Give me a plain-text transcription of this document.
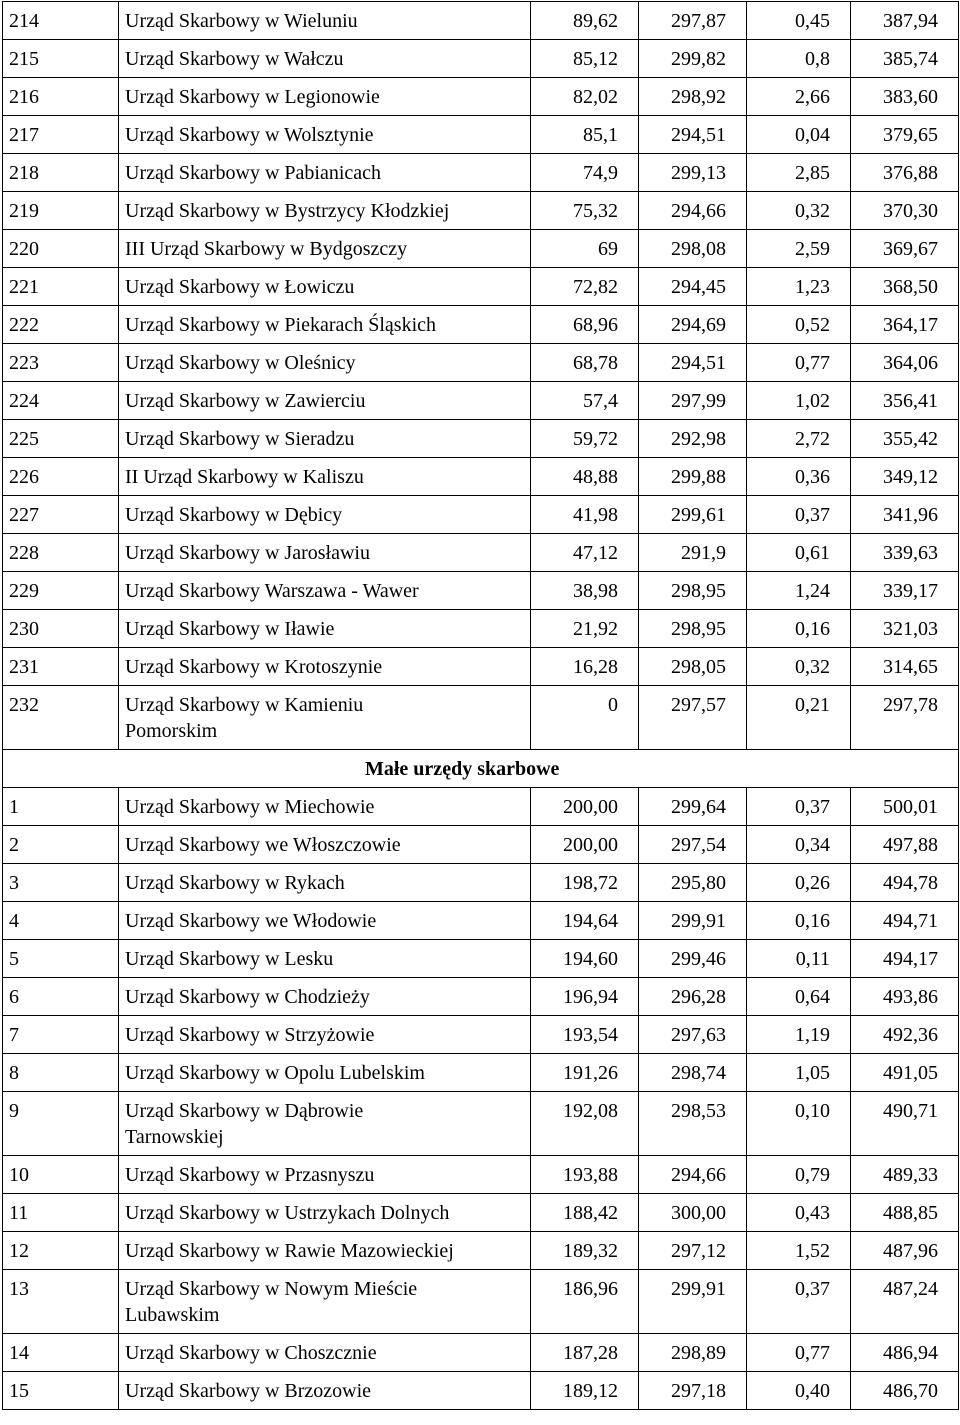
214	Urząd Skarbowy w Wieluniu	89,62	297,87	0,45	387,94
215	Urząd Skarbowy w Wałczu	85,12	299,82	0,8	385,74
216	Urząd Skarbowy w Legionowie	82,02	298,92	2,66	383,60
217	Urząd Skarbowy w Wolsztynie	85,1	294,51	0,04	379,65
218	Urząd Skarbowy w Pabianicach	74,9	299,13	2,85	376,88
219	Urząd Skarbowy w Bystrzycy Kłodzkiej	75,32	294,66	0,32	370,30
220	III Urząd Skarbowy w Bydgoszczy	69	298,08	2,59	369,67
221	Urząd Skarbowy w Łowiczu	72,82	294,45	1,23	368,50
222	Urząd Skarbowy w Piekarach Śląskich	68,96	294,69	0,52	364,17
223	Urząd Skarbowy w Oleśnicy	68,78	294,51	0,77	364,06
224	Urząd Skarbowy w Zawierciu	57,4	297,99	1,02	356,41
225	Urząd Skarbowy w Sieradzu	59,72	292,98	2,72	355,42
226	II Urząd Skarbowy w Kaliszu	48,88	299,88	0,36	349,12
227	Urząd Skarbowy w Dębicy	41,98	299,61	0,37	341,96
228	Urząd Skarbowy w Jarosławiu	47,12	291,9	0,61	339,63
229	Urząd Skarbowy Warszawa - Wawer	38,98	298,95	1,24	339,17
230	Urząd Skarbowy w Iławie	21,92	298,95	0,16	321,03
231	Urząd Skarbowy w Krotoszynie	16,28	298,05	0,32	314,65
232	Urząd Skarbowy w Kamieniu Pomorskim	0	297,57	0,21	297,78
Małe urzędy skarbowe					
1	Urząd Skarbowy w Miechowie	200,00	299,64	0,37	500,01
2	Urząd Skarbowy we Włoszczowie	200,00	297,54	0,34	497,88
3	Urząd Skarbowy w Rykach	198,72	295,80	0,26	494,78
4	Urząd Skarbowy we Włodowie	194,64	299,91	0,16	494,71
5	Urząd Skarbowy w Lesku	194,60	299,46	0,11	494,17
6	Urząd Skarbowy w Chodzieży	196,94	296,28	0,64	493,86
7	Urząd Skarbowy w Strzyżowie	193,54	297,63	1,19	492,36
8	Urząd Skarbowy w Opolu Lubelskim	191,26	298,74	1,05	491,05
9	Urząd Skarbowy w Dąbrowie Tarnowskiej	192,08	298,53	0,10	490,71
10	Urząd Skarbowy w Przasnyszu	193,88	294,66	0,79	489,33
11	Urząd Skarbowy w Ustrzykach Dolnych	188,42	300,00	0,43	488,85
12	Urząd Skarbowy w Rawie Mazowieckiej	189,32	297,12	1,52	487,96
13	Urząd Skarbowy w Nowym Mieście Lubawskim	186,96	299,91	0,37	487,24
14	Urząd Skarbowy w Choszcznie	187,28	298,89	0,77	486,94
15	Urząd Skarbowy w Brzozowie	189,12	297,18	0,40	486,70
